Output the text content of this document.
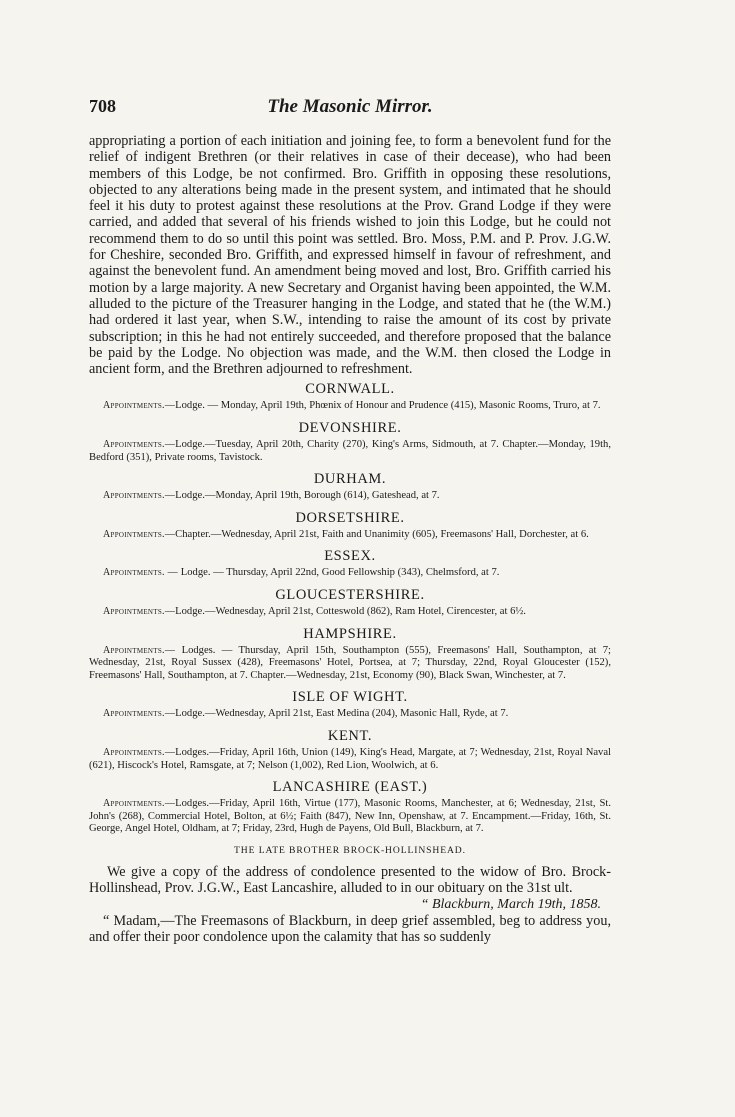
708	The Masonic Mirror.

appropriating a portion of each initiation and joining fee, to form a benevolent fund for the relief of indigent Brethren (or their relatives in case of their decease), who had been members of this Lodge, be not confirmed. Bro. Griffith in opposing these resolutions, objected to any alterations being made in the present system, and intimated that he should feel it his duty to protest against these resolutions at the Prov. Grand Lodge if they were carried, and added that several of his friends wished to join this Lodge, but he could not recommend them to do so until this point was settled. Bro. Moss, P.M. and P. Prov. J.G.W. for Cheshire, seconded Bro. Griffith, and expressed himself in favour of refreshment, and against the benevolent fund. An amendment being moved and lost, Bro. Griffith carried his motion by a large majority. A new Secretary and Organist having been appointed, the W.M. alluded to the picture of the Treasurer hanging in the Lodge, and stated that he (the W.M.) had ordered it last year, when S.W., intending to raise the amount of its cost by private subscription; in this he had not entirely succeeded, and therefore proposed that the balance be paid by the Lodge. No objection was made, and the W.M. then closed the Lodge in ancient form, and the Brethren adjourned to refreshment.

CORNWALL.

Appointments.—Lodge. — Monday, April 19th, Phœnix of Honour and Prudence (415), Masonic Rooms, Truro, at 7.

DEVONSHIRE.

Appointments.—Lodge.—Tuesday, April 20th, Charity (270), King's Arms, Sidmouth, at 7. Chapter.—Monday, 19th, Bedford (351), Private rooms, Tavistock.

DURHAM.

Appointments.—Lodge.—Monday, April 19th, Borough (614), Gateshead, at 7.

DORSETSHIRE.

Appointments.—Chapter.—Wednesday, April 21st, Faith and Unanimity (605), Freemasons' Hall, Dorchester, at 6.

ESSEX.

Appointments. — Lodge. — Thursday, April 22nd, Good Fellowship (343), Chelmsford, at 7.

GLOUCESTERSHIRE.

Appointments.—Lodge.—Wednesday, April 21st, Cotteswold (862), Ram Hotel, Cirencester, at 6½.

HAMPSHIRE.

Appointments.— Lodges. — Thursday, April 15th, Southampton (555), Freemasons' Hall, Southampton, at 7; Wednesday, 21st, Royal Sussex (428), Freemasons' Hotel, Portsea, at 7; Thursday, 22nd, Royal Gloucester (152), Freemasons' Hall, Southampton, at 7. Chapter.—Wednesday, 21st, Economy (90), Black Swan, Winchester, at 7.

ISLE OF WIGHT.

Appointments.—Lodge.—Wednesday, April 21st, East Medina (204), Masonic Hall, Ryde, at 7.

KENT.

Appointments.—Lodges.—Friday, April 16th, Union (149), King's Head, Margate, at 7; Wednesday, 21st, Royal Naval (621), Hiscock's Hotel, Ramsgate, at 7; Nelson (1,002), Red Lion, Woolwich, at 6.

LANCASHIRE (EAST.)

Appointments.—Lodges.—Friday, April 16th, Virtue (177), Masonic Rooms, Manchester, at 6; Wednesday, 21st, St. John's (268), Commercial Hotel, Bolton, at 6½; Faith (847), New Inn, Openshaw, at 7. Encampment.—Friday, 16th, St. George, Angel Hotel, Oldham, at 7; Friday, 23rd, Hugh de Payens, Old Bull, Blackburn, at 7.

THE LATE BROTHER BROCK-HOLLINSHEAD.

We give a copy of the address of condolence presented to the widow of Bro. Brock-Hollinshead, Prov. J.G.W., East Lancashire, alluded to in our obituary on the 31st ult.

“ Blackburn, March 19th, 1858.

“ Madam,—The Freemasons of Blackburn, in deep grief assembled, beg to address you, and offer their poor condolence upon the calamity that has so suddenly
